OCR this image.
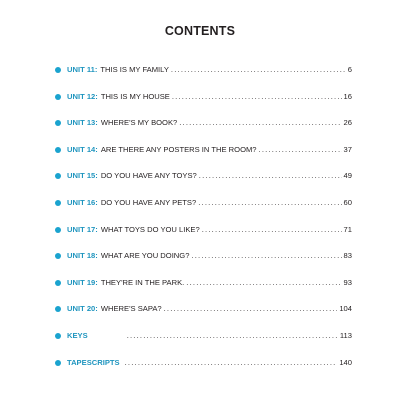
CONTENTS
UNIT 11: THIS IS MY FAMILY .....	6
UNIT 12: THIS IS MY HOUSE .....	16
UNIT 13: WHERE'S MY BOOK? .....	26
UNIT 14: ARE THERE ANY POSTERS IN THE ROOM? .....	37
UNIT 15: DO YOU HAVE ANY TOYS? .....	49
UNIT 16: DO YOU HAVE ANY PETS? .....	60
UNIT 17: WHAT TOYS DO YOU LIKE? .....	71
UNIT 18: WHAT ARE YOU DOING? .....	83
UNIT 19: THEY'RE IN THE PARK. .....	93
UNIT 20: WHERE'S SAPA? .....	104
KEYS .....	113
TAPESCRIPTS .....	140
